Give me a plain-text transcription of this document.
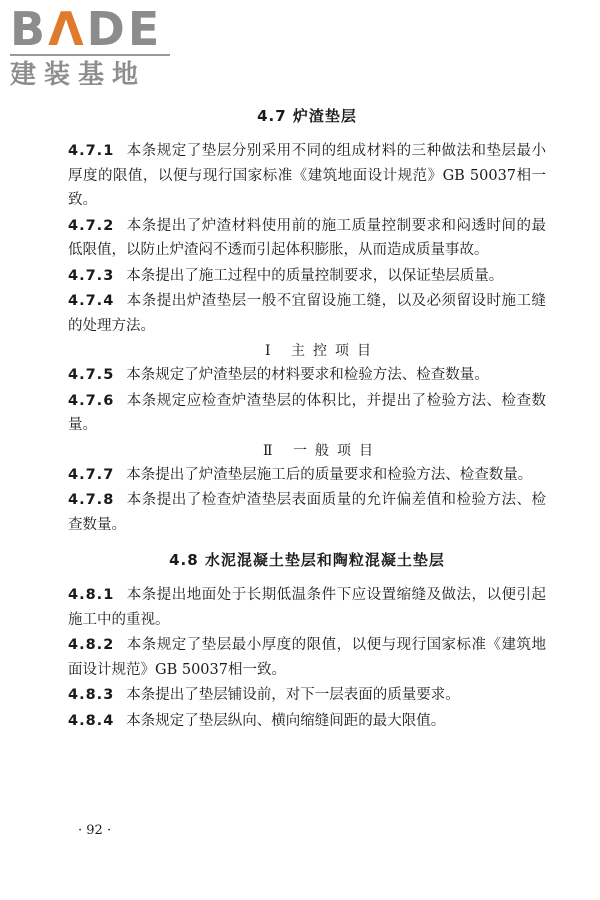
BΛDE
建装基地
4.7 炉渣垫层
4.7.1 本条规定了垫层分别采用不同的组成材料的三种做法和垫层最小厚度的限值，以便与现行国家标准《建筑地面设计规范》GB 50037相一致。
4.7.2 本条提出了炉渣材料使用前的施工质量控制要求和闷透时间的最低限值，以防止炉渣闷不透而引起体积膨胀，从而造成质量事故。
4.7.3 本条提出了施工过程中的质量控制要求，以保证垫层质量。
4.7.4 本条提出炉渣垫层一般不宜留设施工缝，以及必须留设时施工缝的处理方法。
Ⅰ 主控项目
4.7.5 本条规定了炉渣垫层的材料要求和检验方法、检查数量。
4.7.6 本条规定应检查炉渣垫层的体积比，并提出了检验方法、检查数量。
Ⅱ 一般项目
4.7.7 本条提出了炉渣垫层施工后的质量要求和检验方法、检查数量。
4.7.8 本条提出了检查炉渣垫层表面质量的允许偏差值和检验方法、检查数量。
4.8 水泥混凝土垫层和陶粒混凝土垫层
4.8.1 本条提出地面处于长期低温条件下应设置缩缝及做法，以便引起施工中的重视。
4.8.2 本条规定了垫层最小厚度的限值，以便与现行国家标准《建筑地面设计规范》GB 50037相一致。
4.8.3 本条提出了垫层铺设前，对下一层表面的质量要求。
4.8.4 本条规定了垫层纵向、横向缩缝间距的最大限值。
· 92 ·
